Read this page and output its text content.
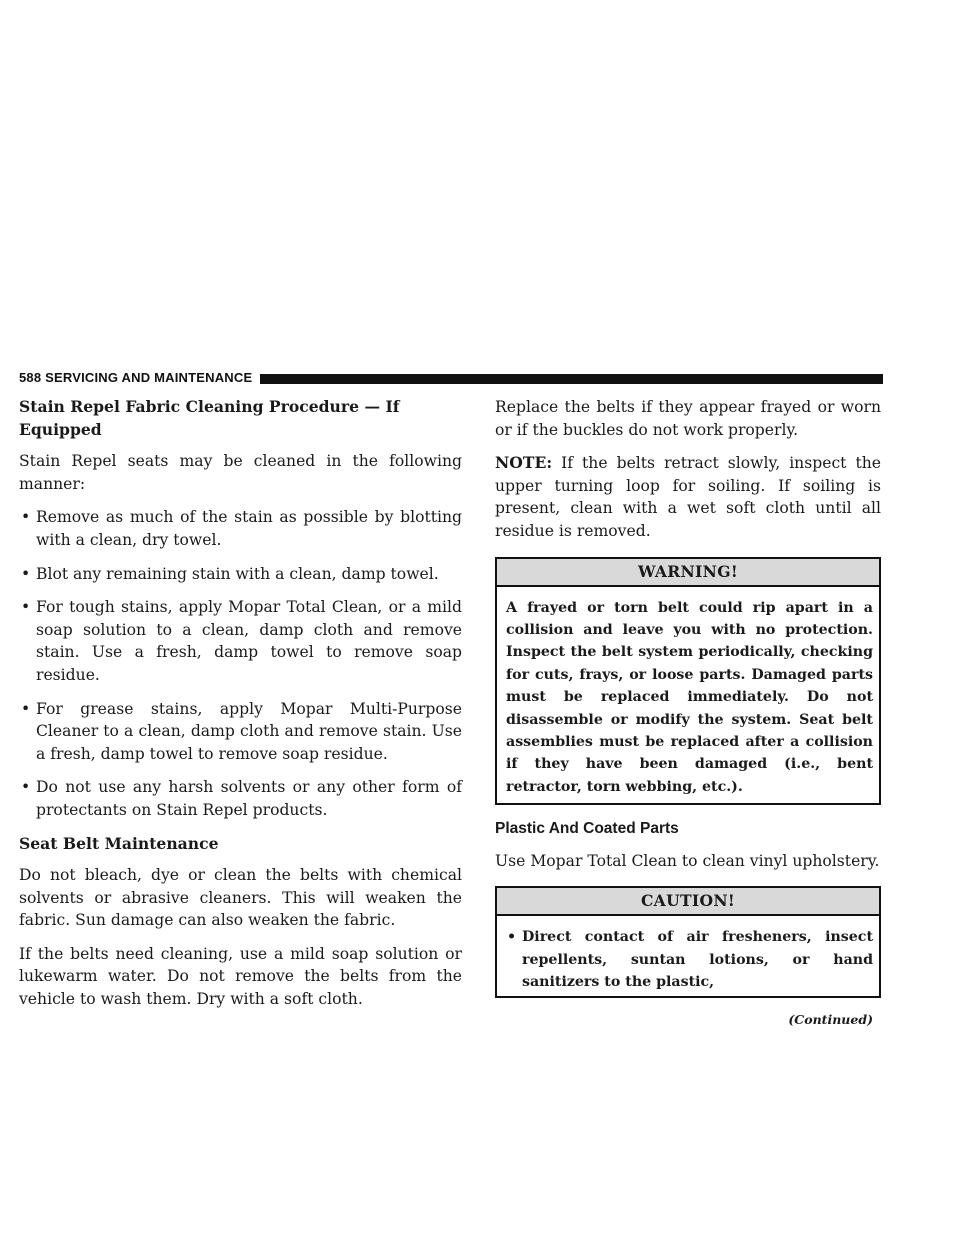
588 SERVICING AND MAINTENANCE

Stain Repel Fabric Cleaning Procedure — If Equipped

Stain Repel seats may be cleaned in the following manner:

• Remove as much of the stain as possible by blotting with a clean, dry towel.
• Blot any remaining stain with a clean, damp towel.
• For tough stains, apply Mopar Total Clean, or a mild soap solution to a clean, damp cloth and remove stain. Use a fresh, damp towel to remove soap residue.
• For grease stains, apply Mopar Multi-Purpose Cleaner to a clean, damp cloth and remove stain. Use a fresh, damp towel to remove soap residue.
• Do not use any harsh solvents or any other form of protectants on Stain Repel products.

Seat Belt Maintenance

Do not bleach, dye or clean the belts with chemical solvents or abrasive cleaners. This will weaken the fabric. Sun damage can also weaken the fabric.

If the belts need cleaning, use a mild soap solution or lukewarm water. Do not remove the belts from the vehicle to wash them. Dry with a soft cloth.

Replace the belts if they appear frayed or worn or if the buckles do not work properly.

NOTE: If the belts retract slowly, inspect the upper turning loop for soiling. If soiling is present, clean with a wet soft cloth until all residue is removed.

WARNING!
A frayed or torn belt could rip apart in a collision and leave you with no protection. Inspect the belt system periodically, checking for cuts, frays, or loose parts. Damaged parts must be replaced immediately. Do not disassemble or modify the system. Seat belt assemblies must be replaced after a collision if they have been damaged (i.e., bent retractor, torn webbing, etc.).

Plastic And Coated Parts

Use Mopar Total Clean to clean vinyl upholstery.

CAUTION!
• Direct contact of air fresheners, insect repellents, suntan lotions, or hand sanitizers to the plastic,
(Continued)
